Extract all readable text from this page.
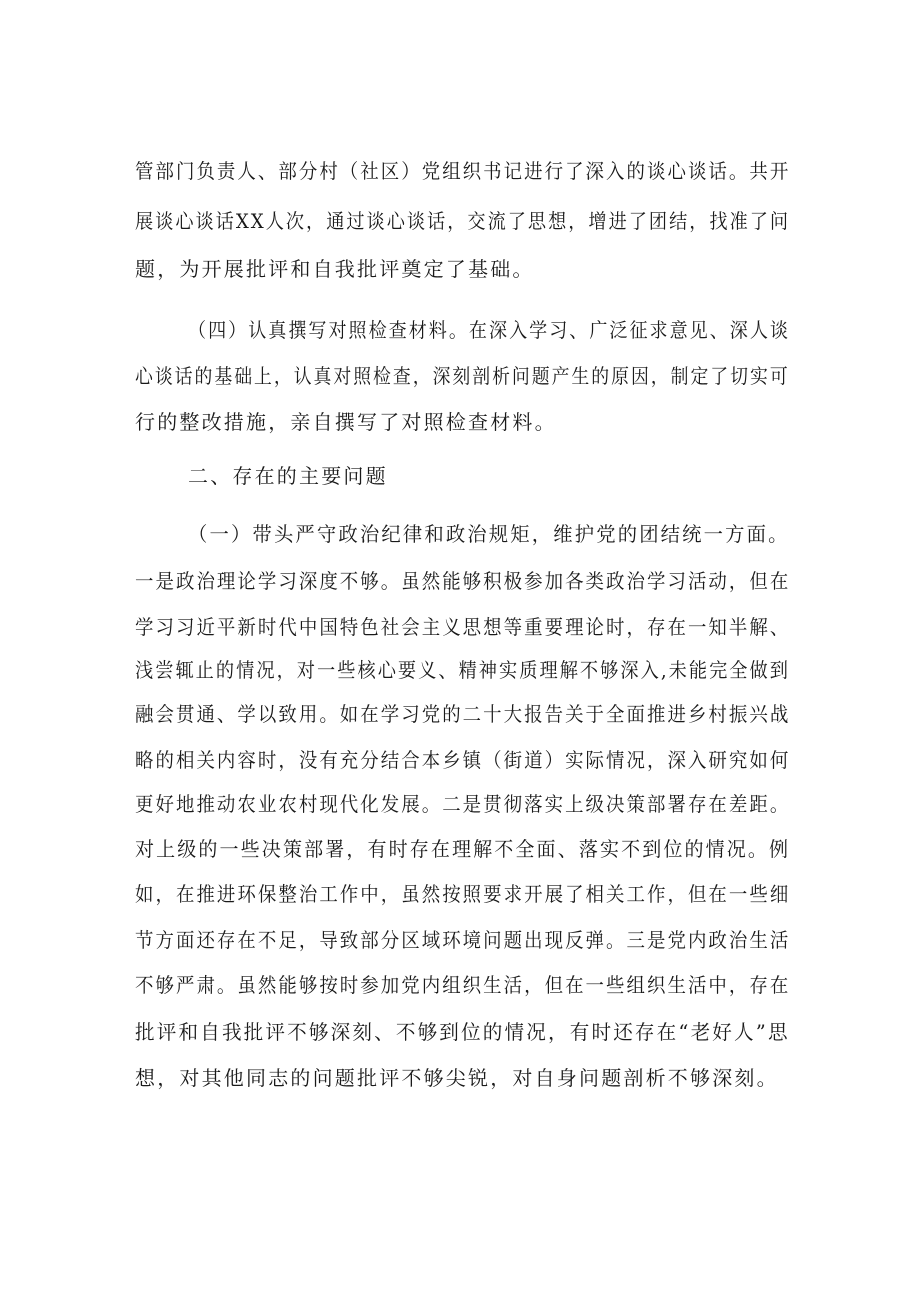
管部门负责人、部分村（社区）党组织书记进行了深入的谈心谈话。共开
展谈心谈话XX人次，通过谈心谈话，交流了思想，增进了团结，找准了问
题，为开展批评和自我批评奠定了基础。
（四）认真撰写对照检查材料。在深入学习、广泛征求意见、深人谈
心谈话的基础上，认真对照检查，深刻剖析问题产生的原因，制定了切实可
行的整改措施，亲自撰写了对照检查材料。
二、存在的主要问题
（一）带头严守政治纪律和政治规矩，维护党的团结统一方面。
一是政治理论学习深度不够。虽然能够积极参加各类政治学习活动，但在
学习习近平新时代中国特色社会主义思想等重要理论时，存在一知半解、
浅尝辄止的情况，对一些核心要义、精神实质理解不够深入,未能完全做到
融会贯通、学以致用。如在学习党的二十大报告关于全面推进乡村振兴战
略的相关内容时，没有充分结合本乡镇（街道）实际情况，深入研究如何
更好地推动农业农村现代化发展。二是贯彻落实上级决策部署存在差距。
对上级的一些决策部署，有时存在理解不全面、落实不到位的情况。例
如，在推进环保整治工作中，虽然按照要求开展了相关工作，但在一些细
节方面还存在不足，导致部分区域环境问题出现反弹。三是党内政治生活
不够严肃。虽然能够按时参加党内组织生活，但在一些组织生活中，存在
批评和自我批评不够深刻、不够到位的情况，有时还存在“老好人”思
想，对其他同志的问题批评不够尖锐，对自身问题剖析不够深刻。
